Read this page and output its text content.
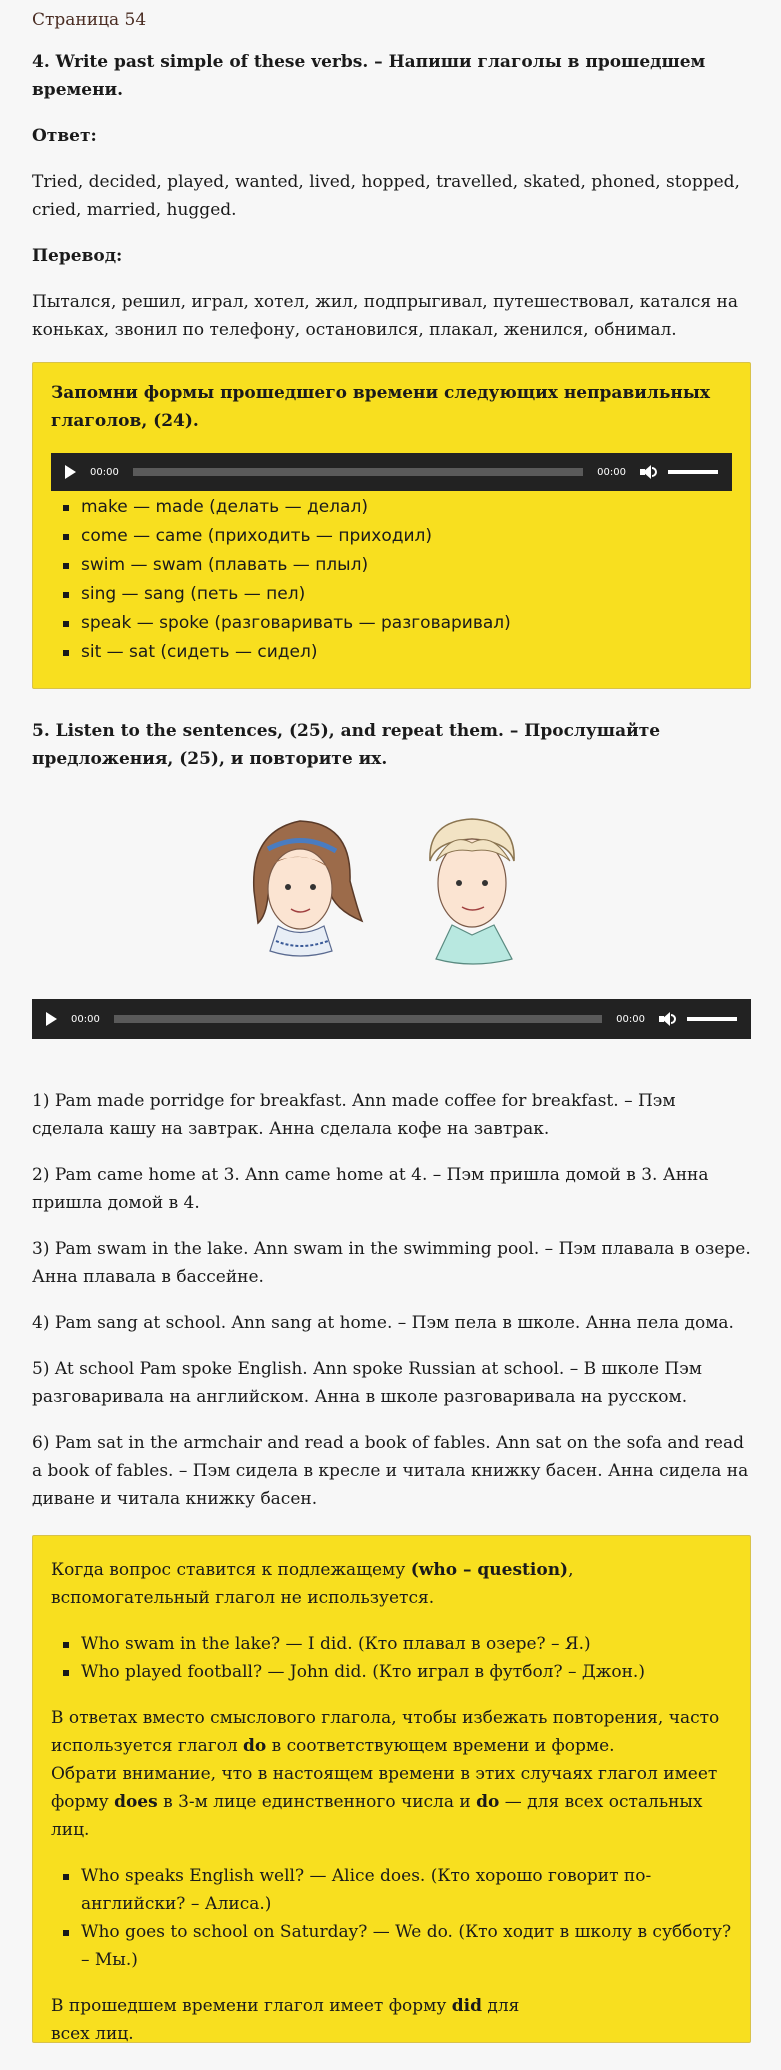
Страница 54
4. Write past simple of these verbs. – Напиши глаголы в прошедшем времени.

Ответ:

Tried, decided, played, wanted, lived, hopped, travelled, skated, phoned, stopped, cried, married, hugged.

Перевод:

Пытался, решил, играл, хотел, жил, подпрыгивал, путешествовал, катался на коньках, звонил по телефону, остановился, плакал, женился, обнимал.

Запомни формы прошедшего времени следующих неправильных глаголов, (24).
00:00	00:00
make — made (делать — делал)
come — came (приходить — приходил)
swim — swam (плавать — плыл)
sing — sang (петь — пел)
speak — spoke (разговаривать — разговаривал)
sit — sat (сидеть — сидел)
5. Listen to the sentences, (25), and repeat them. – Прослушайте предложения, (25), и повторите их.
00:00	00:00

1) Pam made porridge for breakfast. Ann made coffee for breakfast. – Пэм сделала кашу на завтрак. Анна сделала кофе на завтрак.

2) Pam came home at 3. Ann came home at 4. – Пэм пришла домой в 3. Анна пришла домой в 4.

3) Pam swam in the lake. Ann swam in the swimming pool. – Пэм плавала в озере. Анна плавала в бассейне.

4) Pam sang at school. Ann sang at home. – Пэм пела в школе. Анна пела дома.

5) At school Pam spoke English. Ann spoke Russian at school. – В школе Пэм разговаривала на английском. Анна в школе разговаривала на русском.

6) Pam sat in the armchair and read a book of fables. Ann sat on the sofa and read a book of fables. – Пэм сидела в кресле и читала книжку басен. Анна сидела на диване и читала книжку басен.

Когда вопрос ставится к подлежащему (who – question), вспомогательный глагол не используется.

Who swam in the lake? — I did. (Кто плавал в озере? – Я.)
Who played football? — John did. (Кто играл в футбол? – Джон.)

В ответах вместо смыслового глагола, чтобы избежать повторения, часто используется глагол do в соответствующем времени и форме.

Обрати внимание, что в настоящем времени в этих случаях глагол имеет форму does в 3-м лице единственного числа и do — для всех остальных лиц.

Who speaks English well? — Alice does. (Кто хорошо говорит по-английски? – Алиса.)
Who goes to school on Saturday? — We do. (Кто ходит в школу в субботу? – Мы.)

В прошедшем времени глагол имеет форму did для всех лиц.
